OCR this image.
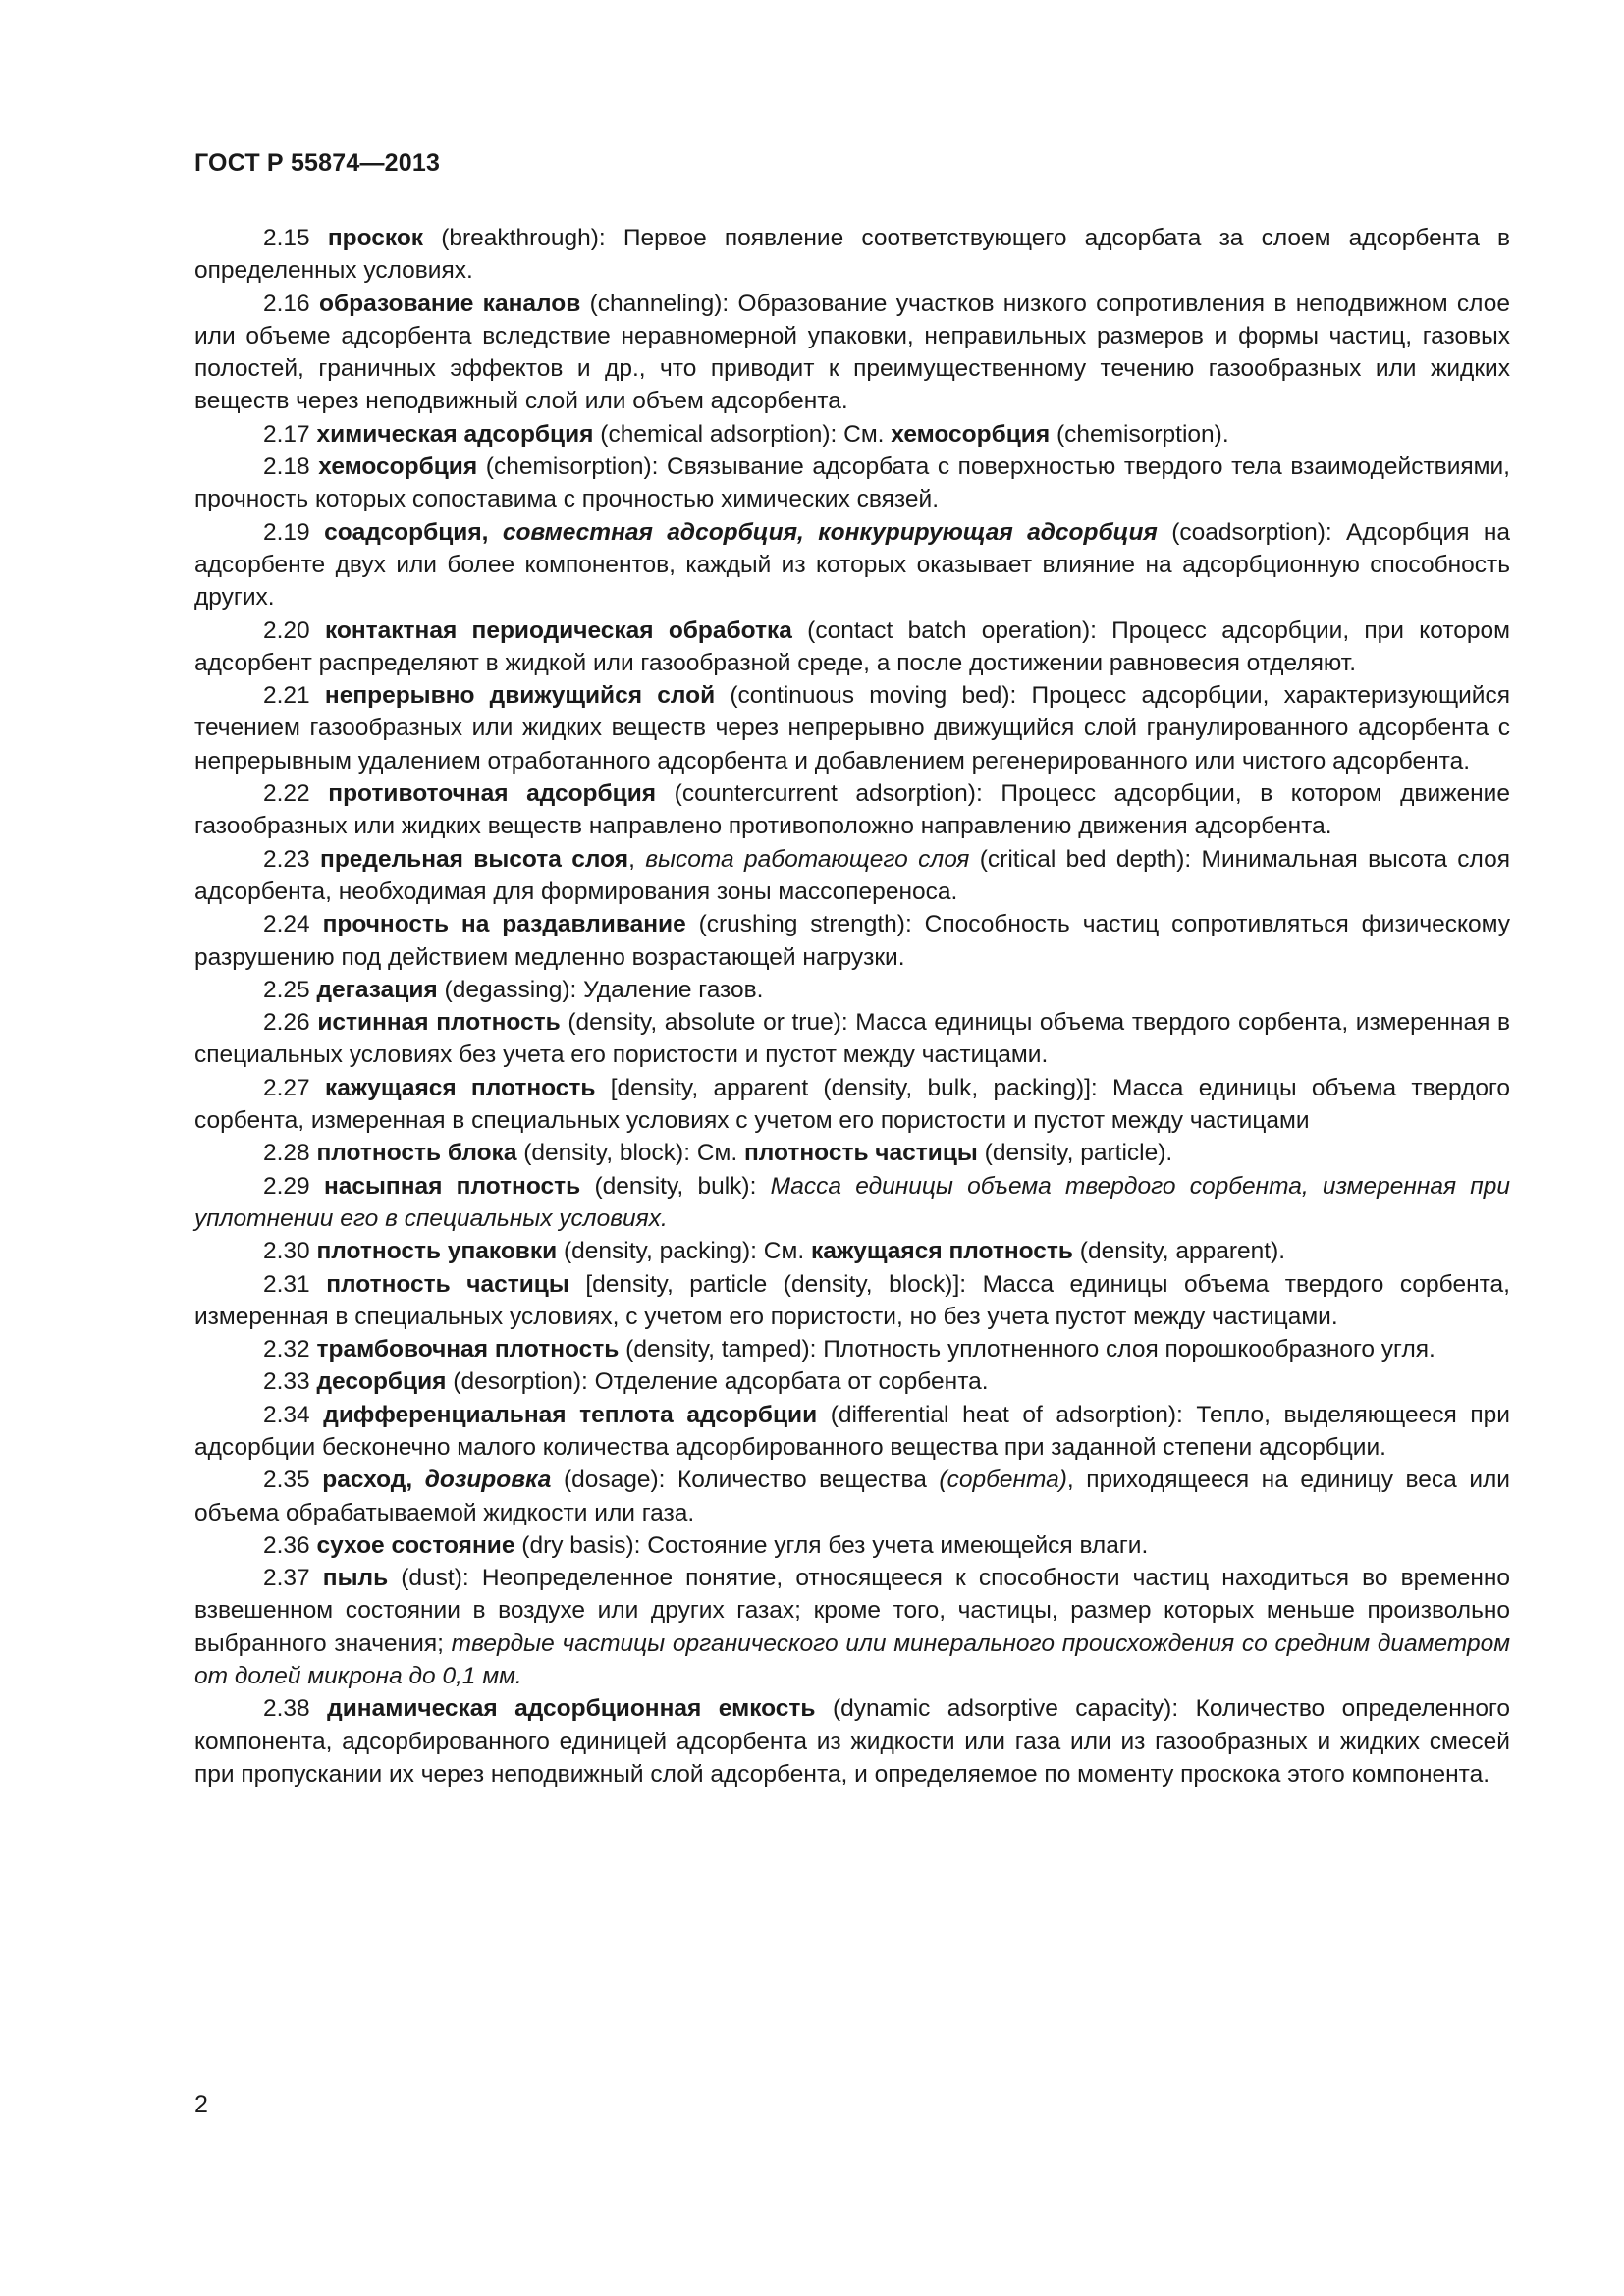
ГОСТ Р 55874—2013

2.15 проскок (breakthrough): Первое появление соответствующего адсорбата за слоем адсорбента в определенных условиях.

2.16 образование каналов (channeling): Образование участков низкого сопротивления в неподвижном слое или объеме адсорбента вследствие неравномерной упаковки, неправильных размеров и формы частиц, газовых полостей, граничных эффектов и др., что приводит к преимущественному течению газообразных или жидких веществ через неподвижный слой или объем адсорбента.

2.17 химическая адсорбция (chemical adsorption): См. хемосорбция (chemisorption).

2.18 хемосорбция (chemisorption): Связывание адсорбата с поверхностью твердого тела взаимодействиями, прочность которых сопоставима с прочностью химических связей.

2.19 соадсорбция, совместная адсорбция, конкурирующая адсорбция (coadsorption): Адсорбция на адсорбенте двух или более компонентов, каждый из которых оказывает влияние на адсорбционную способность других.

2.20 контактная периодическая обработка (contact batch operation): Процесс адсорбции, при котором адсорбент распределяют в жидкой или газообразной среде, а после достижении равновесия отделяют.

2.21 непрерывно движущийся слой (continuous moving bed): Процесс адсорбции, характеризующийся течением газообразных или жидких веществ через непрерывно движущийся слой гранулированного адсорбента с непрерывным удалением отработанного адсорбента и добавлением регенерированного или чистого адсорбента.

2.22 противоточная адсорбция (countercurrent adsorption): Процесс адсорбции, в котором движение газообразных или жидких веществ направлено противоположно направлению движения адсорбента.

2.23 предельная высота слоя, высота работающего слоя (critical bed depth): Минимальная высота слоя адсорбента, необходимая для формирования зоны массопереноса.

2.24 прочность на раздавливание (crushing strength): Способность частиц сопротивляться физическому разрушению под действием медленно возрастающей нагрузки.

2.25 дегазация (degassing): Удаление газов.

2.26 истинная плотность (density, absolute or true): Масса единицы объема твердого сорбента, измеренная в специальных условиях без учета его пористости и пустот между частицами.

2.27 кажущаяся плотность [density, apparent (density, bulk, packing)]: Масса единицы объема твердого сорбента, измеренная в специальных условиях с учетом его пористости и пустот между частицами

2.28 плотность блока (density, block): См. плотность частицы (density, particle).

2.29 насыпная плотность (density, bulk): Масса единицы объема твердого сорбента, измеренная при уплотнении его в специальных условиях.

2.30 плотность упаковки (density, packing): См. кажущаяся плотность (density, apparent).

2.31 плотность частицы [density, particle (density, block)]: Масса единицы объема твердого сорбента, измеренная в специальных условиях, с учетом его пористости, но без учета пустот между частицами.

2.32 трамбовочная плотность (density, tamped): Плотность уплотненного слоя порошкообразного угля.

2.33 десорбция (desorption): Отделение адсорбата от сорбента.

2.34 дифференциальная теплота адсорбции (differential heat of adsorption): Тепло, выделяющееся при адсорбции бесконечно малого количества адсорбированного вещества при заданной степени адсорбции.

2.35 расход, дозировка (dosage): Количество вещества (сорбента), приходящееся на единицу веса или объема обрабатываемой жидкости или газа.

2.36 сухое состояние (dry basis): Состояние угля без учета имеющейся влаги.

2.37 пыль (dust): Неопределенное понятие, относящееся к способности частиц находиться во временно взвешенном состоянии в воздухе или других газах; кроме того, частицы, размер которых меньше произвольно выбранного значения; твердые частицы органического или минерального происхождения со средним диаметром от долей микрона до 0,1 мм.

2.38 динамическая адсорбционная емкость (dynamic adsorptive capacity): Количество определенного компонента, адсорбированного единицей адсорбента из жидкости или газа или из газообразных и жидких смесей при пропускании их через неподвижный слой адсорбента, и определяемое по моменту проскока этого компонента.

2
